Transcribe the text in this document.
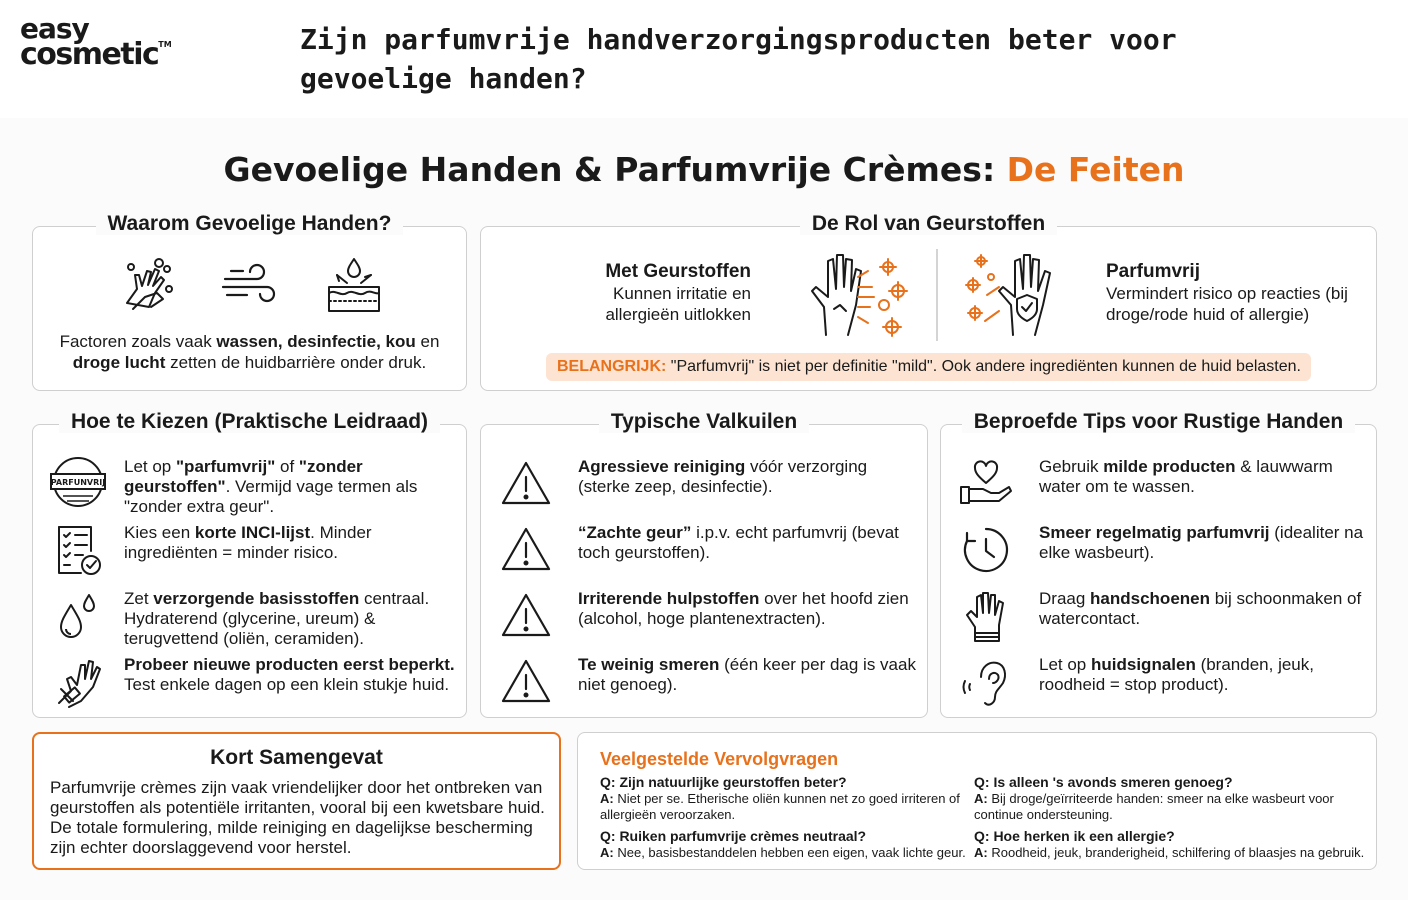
easy
cosmetic™	Zijn parfumvrije handverzorgingsproducten beter voor gevoelige handen?
Gevoelige Handen & Parfumvrije Crèmes: De Feiten
Waarom Gevoelige Handen?
Factoren zoals vaak wassen, desinfectie, kou en droge lucht zetten de huidbarrière onder druk.
De Rol van Geurstoffen
Met Geurstoffen
Kunnen irritatie en allergieën uitlokken
Parfumvrij
Vermindert risico op reacties (bij droge/rode huid of allergie)
BELANGRIJK: "Parfumvrij" is niet per definitie "mild". Ook andere ingrediënten kunnen de huid belasten.
Hoe te Kiezen (Praktische Leidraad)
PARFUNVRIJ
Let op "parfumvrij" of "zonder geurstoffen". Vermijd vage termen als "zonder extra geur".
Kies een korte INCI-lijst. Minder ingrediënten = minder risico.
Zet verzorgende basisstoffen centraal. Hydraterend (glycerine, ureum) & terugvettend (oliën, ceramiden).
Probeer nieuwe producten eerst beperkt. Test enkele dagen op een klein stukje huid.
Typische Valkuilen
Agressieve reiniging vóór verzorging (sterke zeep, desinfectie).
“Zachte geur” i.p.v. echt parfumvrij (bevat toch geurstoffen).
Irriterende hulpstoffen over het hoofd zien (alcohol, hoge plantenextracten).
Te weinig smeren (één keer per dag is vaak niet genoeg).
Beproefde Tips voor Rustige Handen
Gebruik milde producten & lauwwarm water om te wassen.
Smeer regelmatig parfumvrij (idealiter na elke wasbeurt).
Draag handschoenen bij schoonmaken of watercontact.
Let op huidsignalen (branden, jeuk, roodheid = stop product).
Kort Samengevat
Parfumvrije crèmes zijn vaak vriendelijker door het ontbreken van geurstoffen als potentiële irritanten, vooral bij een kwetsbare huid. De totale formulering, milde reiniging en dagelijkse bescherming zijn echter doorslaggevend voor herstel.
Veelgestelde Vervolgvragen
Q: Zijn natuurlijke geurstoffen beter?
A: Niet per se. Etherische oliën kunnen net zo goed irriteren of allergieën veroorzaken.
Q: Is alleen 's avonds smeren genoeg?
A: Bij droge/geïrriteerde handen: smeer na elke wasbeurt voor continue ondersteuning.
Q: Ruiken parfumvrije crèmes neutraal?
A: Nee, basisbestanddelen hebben een eigen, vaak lichte geur.
Q: Hoe herken ik een allergie?
A: Roodheid, jeuk, branderigheid, schilfering of blaasjes na gebruik.
